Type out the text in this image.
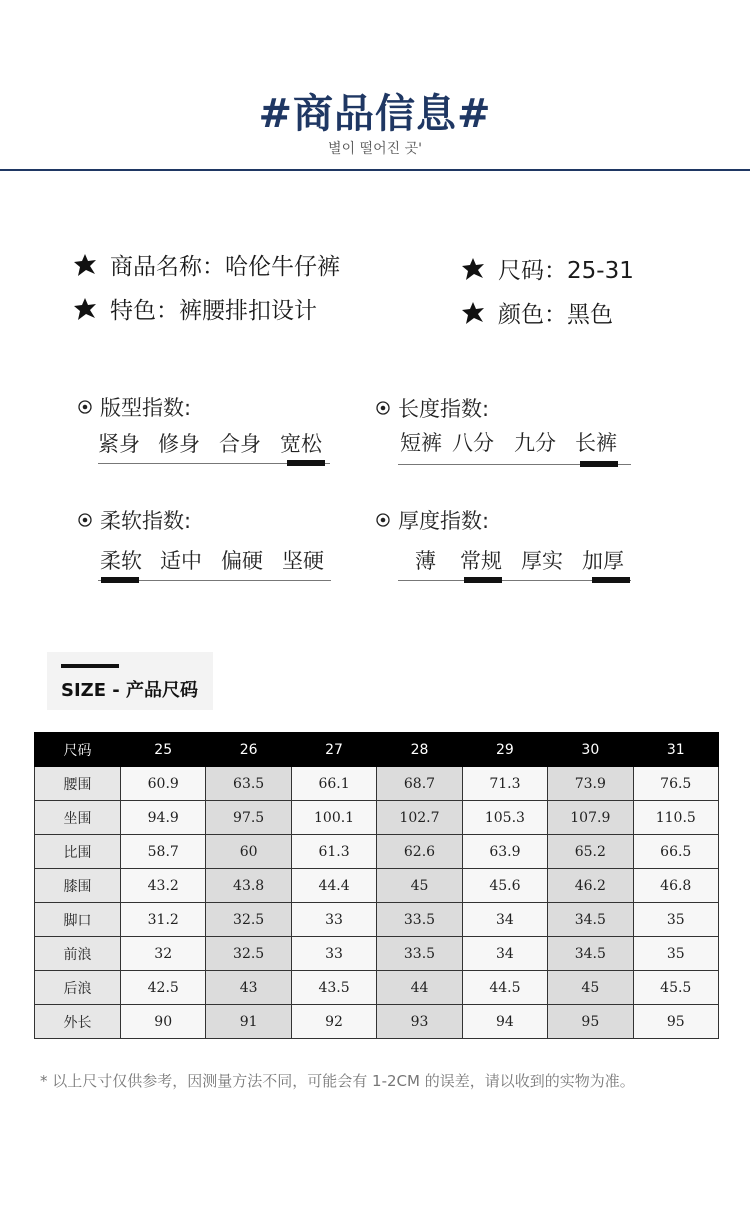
#商品信息#
별이 떨어진 곳'
商品名称：哈伦牛仔裤
特色：裤腰排扣设计
尺码：25-31
颜色：黑色
版型指数:
紧身 修身 合身 宽松
长度指数:
短裤 八分 九分 长裤
柔软指数:
柔软 适中 偏硬 坚硬
厚度指数:
薄 常规 厚实 加厚
SIZE - 产品尺码
尺码	25	26	27	28	29	30	31
腰围	60.9	63.5	66.1	68.7	71.3	73.9	76.5
坐围	94.9	97.5	100.1	102.7	105.3	107.9	110.5
比围	58.7	60	61.3	62.6	63.9	65.2	66.5
膝围	43.2	43.8	44.4	45	45.6	46.2	46.8
脚口	31.2	32.5	33	33.5	34	34.5	35
前浪	32	32.5	33	33.5	34	34.5	35
后浪	42.5	43	43.5	44	44.5	45	45.5
外长	90	91	92	93	94	95	95
* 以上尺寸仅供参考，因测量方法不同，可能会有 1-2CM 的误差，请以收到的实物为准。
